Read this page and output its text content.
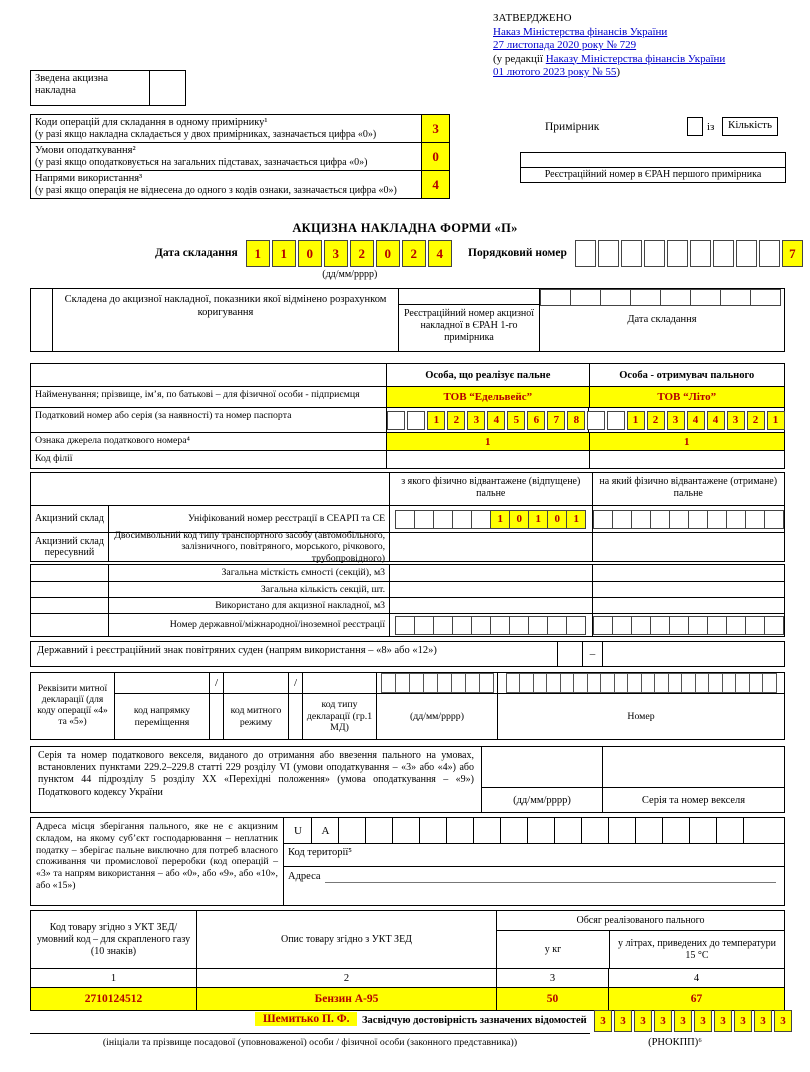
ЗАТВЕРДЖЕНО
Наказ Міністерства фінансів України
27 листопада 2020 року № 729
(у редакції Наказу Міністерства фінансів України
01 лютого 2023 року № 55)
Зведена акцизна накладна
Коди операцій для складання в одному примірнику¹
(у разі якщо накладна складається у двох примірниках, зазначається цифра «0»)	3
Умови оподаткування²
(у разі якщо оподатковується на загальних підставах, зазначається цифра «0»)	0
Напрями використання³
(у разі якщо операція не віднесена до одного з кодів ознаки, зазначається цифра «0»)	4
Примірник	із	Кількість
Реєстраційний номер в ЄРАН першого примірника
АКЦИЗНА НАКЛАДНА ФОРМИ «П»
Дата складання	1	1	0	3	2	0	2	4
(дд/мм/рррр)
Порядковий номер	7
Складена до акцизної накладної, показники якої відмінено розрахунком коригування	Реєстраційний номер акцизної накладної в ЄРАН 1-го примірника
Дата складання
Особа, що реалізує пальне	Особа - отримувач пального
Найменування; прізвище, ім’я, по батькові – для фізичної особи - підприємця	ТОВ “Едельвейс”	ТОВ “Літо”
Податковий номер або серія (за наявності) та номер паспорта	1	2	3	4	5	6	7	8	1	2	3	4	4	3	2	1
Ознака джерела податкового номера⁴	1	1
Код філії
з якого фізично відвантажене (відпущене) пальне
на який фізично відвантажене (отримане) пальне
Акцизний склад	Уніфікований номер реєстрації в СЕАРП та СЕ	1	0	1	0	1
Акцизний склад пересувний
Двосимвольний код типу транспортного засобу (автомобільного, залізничного, повітряного, морського, річкового, трубопровідного)
Загальна місткість ємності (секцій), м3
Загальна кількість секцій, шт.
Використано для акцизної накладної, м3
Номер державної/міжнародної/іноземної реєстрації
Державний і реєстраційний знак повітряних суден (напрям використання – «8» або «12»)	–
Реквізити митної декларації (для коду операції «4» та «5»)
код напрямку переміщення
/
код митного режиму
/
код типу декларації (гр.1 МД)
(дд/мм/рррр)	Номер
Серія та номер податкового векселя, виданого до отримання або ввезення пального на умовах, встановлених пунктами 229.2–229.8 статті 229 розділу VI (умови оподаткування – «3» або «4») або пунктом 44 підрозділу 5 розділу XX «Перехідні положення» (умова оподаткування – «9») Податкового кодексу України
(дд/мм/рррр)	Серія та номер векселя
Адреса місця зберігання пального, яке не є акцизним складом, на якому суб’єкт господарювання – неплатник податку – зберігає пальне виключно для потреб власного споживання чи промислової переробки (код операцій – «3» та напрям використання – або «0», або «9», або «10», або «15»)
U	A
Код території⁵
Адреса
Код товару згідно з УКТ ЗЕД/ умовний код – для скрапленого газу (10 знаків)
Опис товару згідно з УКТ ЗЕД
Обсяг реалізованого пального
у кг
у літрах, приведених до температури 15 °С
1	2	3	4
2710124512	Бензин А-95	50	67
Шемитько П. Ф.	Засвідчую достовірність зазначених відомостей	3	3	3	3	3	3	3	3	3	3
(ініціали та прізвище посадової (уповноваженої) особи / фізичної особи (законного представника))	(РНОКПП)⁶
